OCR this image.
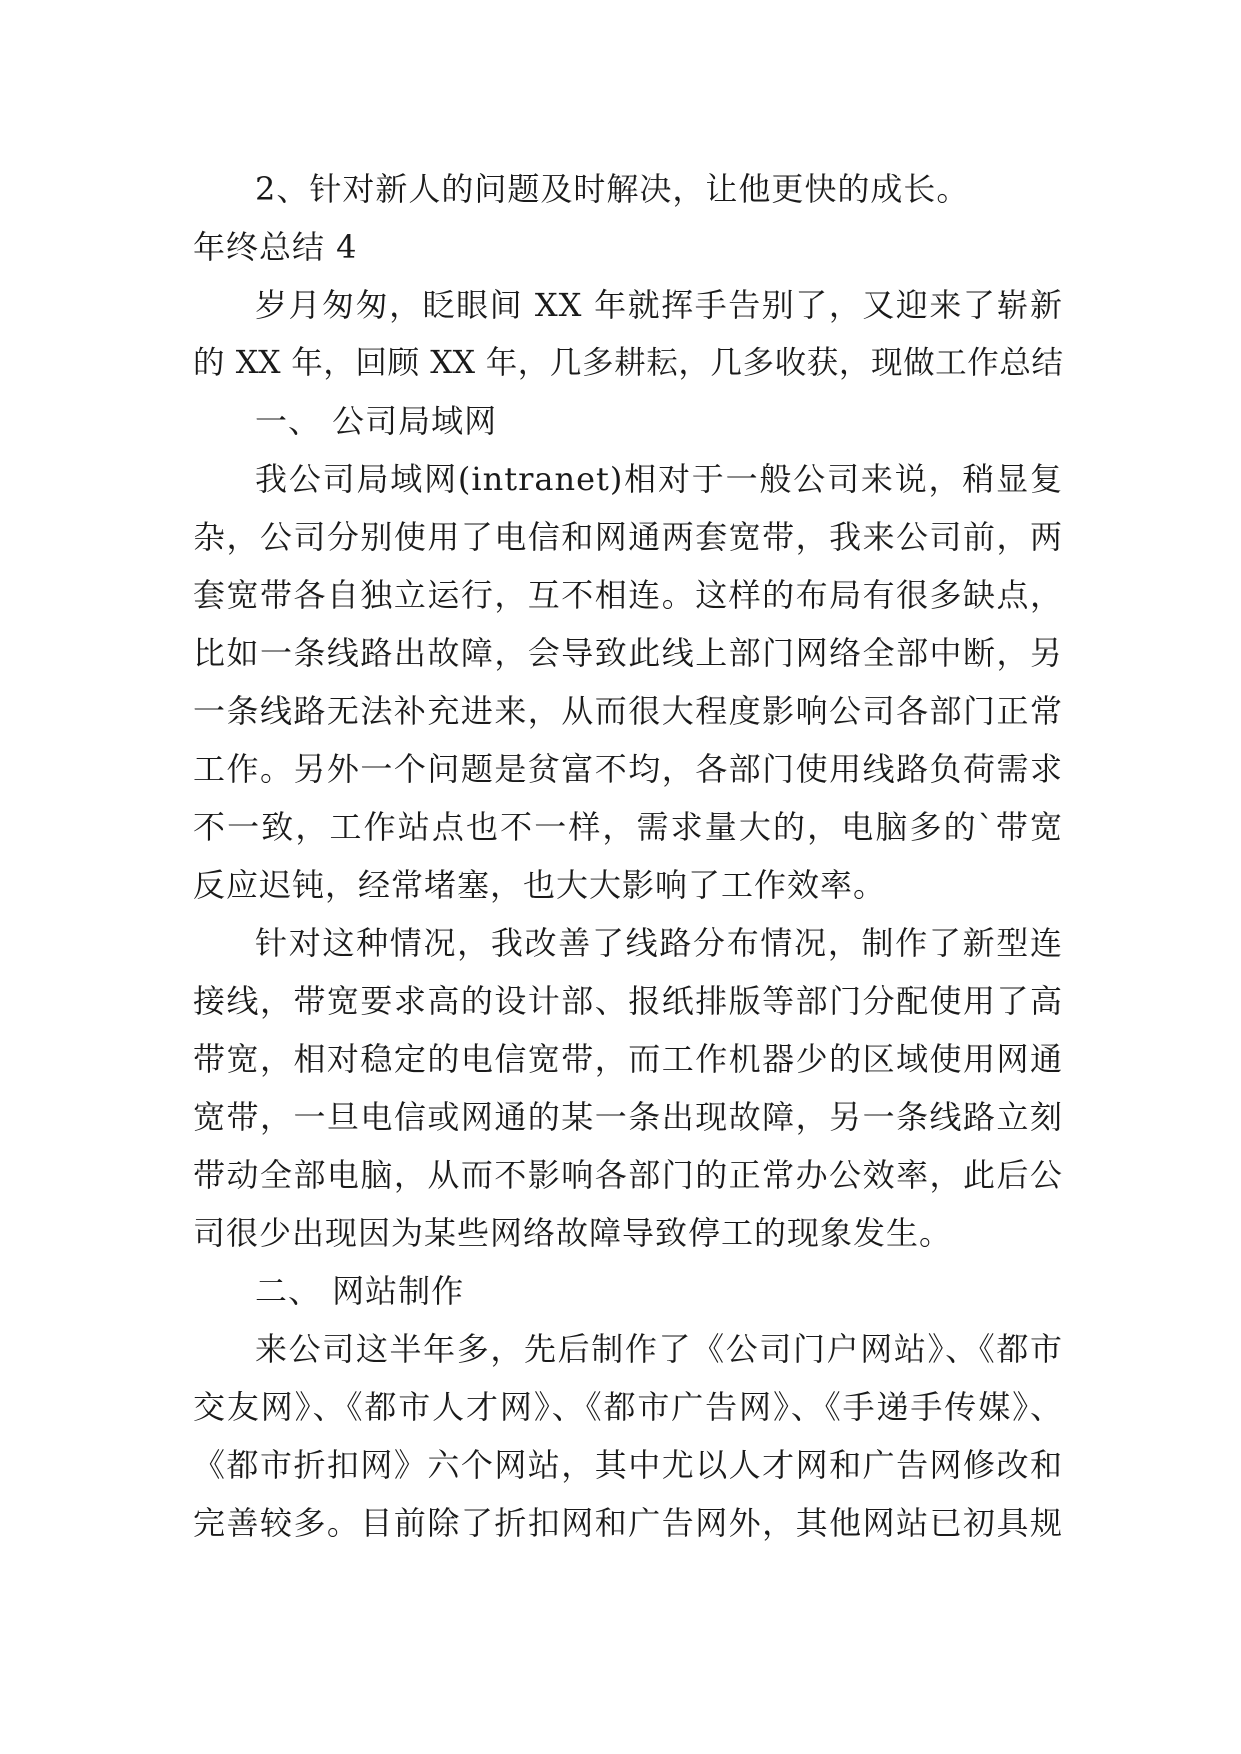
2、针对新人的问题及时解决，让他更快的成长。
年终总结 4
岁月匆匆，眨眼间 XX 年就挥手告别了，又迎来了崭新
的 XX 年，回顾 XX 年，几多耕耘，几多收获，现做工作总结
一、 公司局域网
我公司局域网(intranet)相对于一般公司来说，稍显复
杂，公司分别使用了电信和网通两套宽带，我来公司前，两
套宽带各自独立运行，互不相连。这样的布局有很多缺点，
比如一条线路出故障，会导致此线上部门网络全部中断，另
一条线路无法补充进来，从而很大程度影响公司各部门正常
工作。另外一个问题是贫富不均，各部门使用线路负荷需求
不一致，工作站点也不一样，需求量大的，电脑多的`带宽
反应迟钝，经常堵塞，也大大影响了工作效率。
针对这种情况，我改善了线路分布情况，制作了新型连
接线，带宽要求高的设计部、报纸排版等部门分配使用了高
带宽，相对稳定的电信宽带，而工作机器少的区域使用网通
宽带，一旦电信或网通的某一条出现故障，另一条线路立刻
带动全部电脑，从而不影响各部门的正常办公效率，此后公
司很少出现因为某些网络故障导致停工的现象发生。
二、 网站制作
来公司这半年多，先后制作了《公司门户网站》、《都市
交友网》、《都市人才网》、《都市广告网》、《手递手传媒》、
《都市折扣网》六个网站，其中尤以人才网和广告网修改和
完善较多。目前除了折扣网和广告网外，其他网站已初具规
